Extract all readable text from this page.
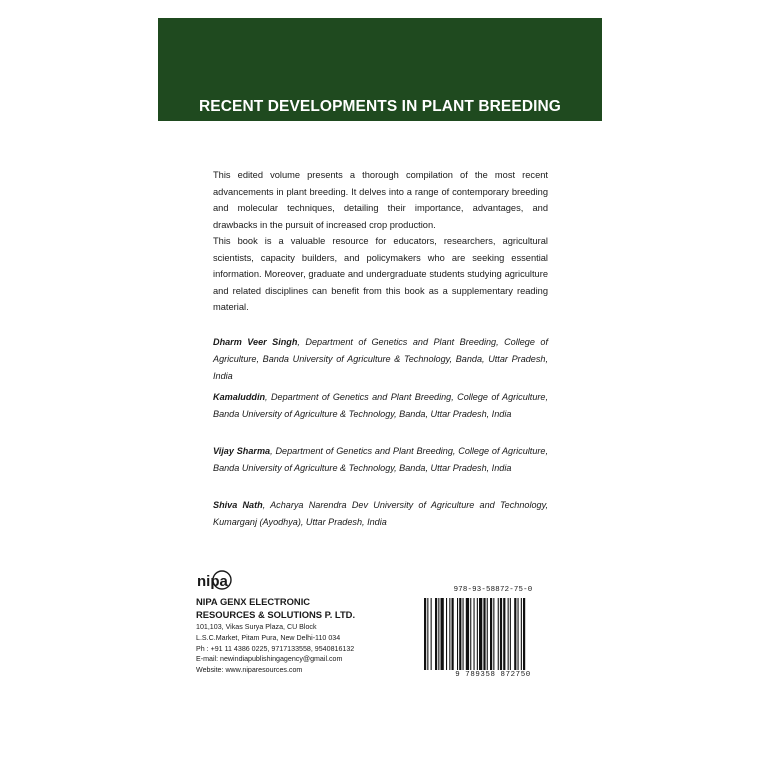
RECENT DEVELOPMENTS IN PLANT BREEDING

This edited volume presents a thorough compilation of the most recent advancements in plant breeding. It delves into a range of contemporary breeding and molecular techniques, detailing their importance, advantages, and drawbacks in the pursuit of increased crop production.

This book is a valuable resource for educators, researchers, agricultural scientists, capacity builders, and policymakers who are seeking essential information. Moreover, graduate and undergraduate students studying agriculture and related disciplines can benefit from this book as a supplementary reading material.

Dharm Veer Singh, Department of Genetics and Plant Breeding, College of Agriculture, Banda University of Agriculture & Technology, Banda, Uttar Pradesh, India

Kamaluddin, Department of Genetics and Plant Breeding, College of Agriculture, Banda University of Agriculture & Technology, Banda, Uttar Pradesh, India

Vijay Sharma, Department of Genetics and Plant Breeding, College of Agriculture, Banda University of Agriculture & Technology, Banda, Uttar Pradesh, India

Shiva Nath, Acharya Narendra Dev University of Agriculture and Technology, Kumarganj (Ayodhya), Uttar Pradesh, India

nipa
NIPA GENX ELECTRONIC
RESOURCES & SOLUTIONS P. LTD.
101,103, Vikas Surya Plaza, CU Block
L.S.C.Market, Pitam Pura, New Delhi-110 034
Ph : +91 11 4386 0225, 9717133558, 9540816132
E-mail: newindiapublishingagency@gmail.com
Website: www.niparesources.com
978-93-58872-75-0
9 789358 872750
